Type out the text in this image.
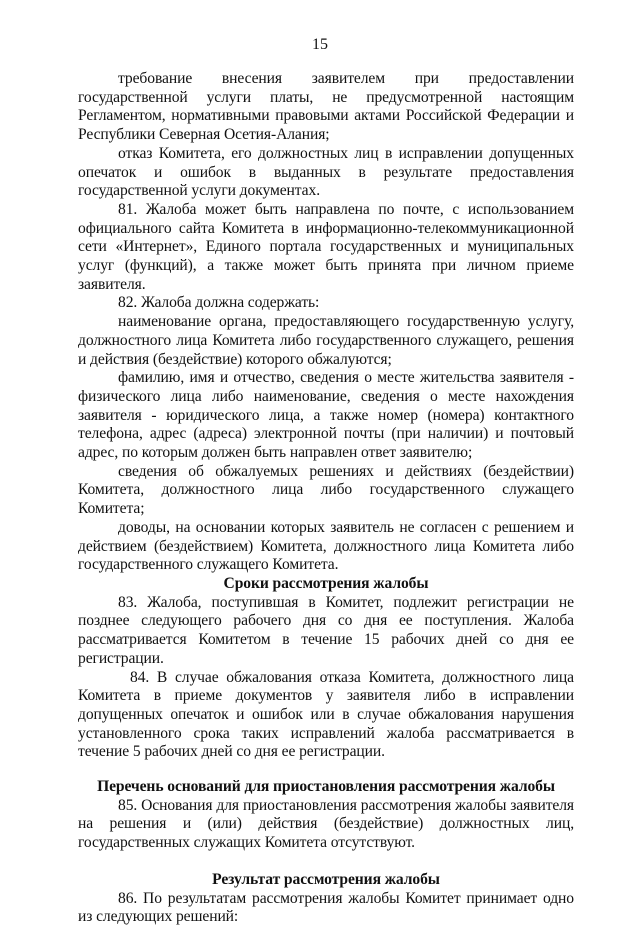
15

требование внесения заявителем при предоставлении государственной услуги платы, не предусмотренной настоящим Регламентом, нормативными правовыми актами Российской Федерации и Республики Северная Осетия-Алания;

отказ Комитета, его должностных лиц в исправлении допущенных опечаток и ошибок в выданных в результате предоставления государственной услуги документах.

81. Жалоба может быть направлена по почте, с использованием официального сайта Комитета в информационно-телекоммуникационной сети «Интернет», Единого портала государственных и муниципальных услуг (функций), а также может быть принята при личном приеме заявителя.

82. Жалоба должна содержать:

наименование органа, предоставляющего государственную услугу, должностного лица Комитета либо государственного служащего, решения и действия (бездействие) которого обжалуются;

фамилию, имя и отчество, сведения о месте жительства заявителя - физического лица либо наименование, сведения о месте нахождения заявителя - юридического лица, а также номер (номера) контактного телефона, адрес (адреса) электронной почты (при наличии) и почтовый адрес, по которым должен быть направлен ответ заявителю;

сведения об обжалуемых решениях и действиях (бездействии) Комитета, должностного лица либо государственного служащего Комитета;

доводы, на основании которых заявитель не согласен с решением и действием (бездействием) Комитета, должностного лица Комитета либо государственного служащего Комитета.

Сроки рассмотрения жалобы

83. Жалоба, поступившая в Комитет, подлежит регистрации не позднее следующего рабочего дня со дня ее поступления. Жалоба рассматривается Комитетом в течение 15 рабочих дней со дня ее регистрации.

84. В случае обжалования отказа Комитета, должностного лица Комитета в приеме документов у заявителя либо в исправлении допущенных опечаток и ошибок или в случае обжалования нарушения установленного срока таких исправлений жалоба рассматривается в течение 5 рабочих дней со дня ее регистрации.

Перечень оснований для приостановления рассмотрения жалобы

85. Основания для приостановления рассмотрения жалобы заявителя на решения и (или) действия (бездействие) должностных лиц, государственных служащих Комитета отсутствуют.

Результат рассмотрения жалобы

86. По результатам рассмотрения жалобы Комитет принимает одно из следующих решений:
